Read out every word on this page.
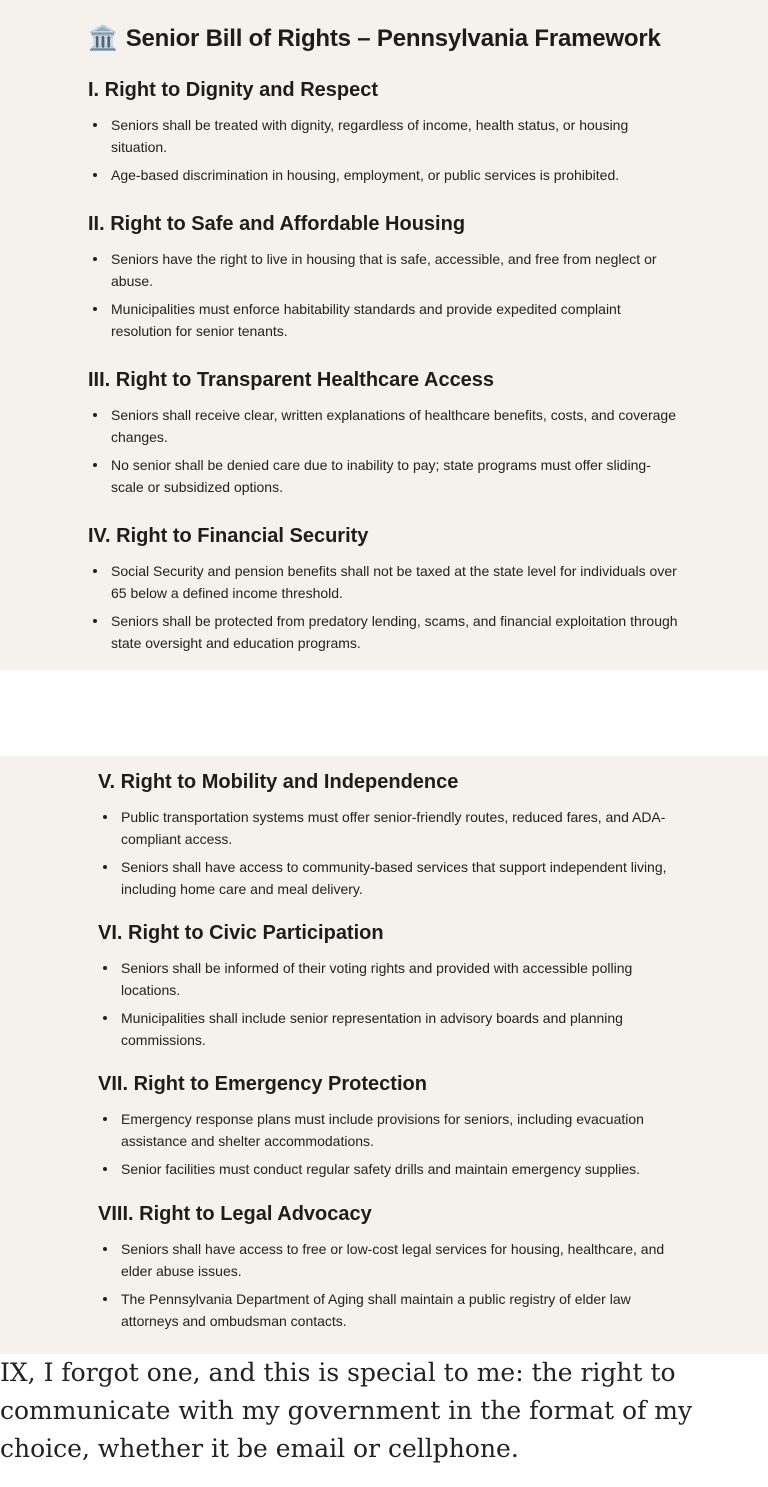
🏛️ Senior Bill of Rights – Pennsylvania Framework
I. Right to Dignity and Respect
Seniors shall be treated with dignity, regardless of income, health status, or housing situation.
Age-based discrimination in housing, employment, or public services is prohibited.
II. Right to Safe and Affordable Housing
Seniors have the right to live in housing that is safe, accessible, and free from neglect or abuse.
Municipalities must enforce habitability standards and provide expedited complaint resolution for senior tenants.
III. Right to Transparent Healthcare Access
Seniors shall receive clear, written explanations of healthcare benefits, costs, and coverage changes.
No senior shall be denied care due to inability to pay; state programs must offer sliding-scale or subsidized options.
IV. Right to Financial Security
Social Security and pension benefits shall not be taxed at the state level for individuals over 65 below a defined income threshold.
Seniors shall be protected from predatory lending, scams, and financial exploitation through state oversight and education programs.
V. Right to Mobility and Independence
Public transportation systems must offer senior-friendly routes, reduced fares, and ADA-compliant access.
Seniors shall have access to community-based services that support independent living, including home care and meal delivery.
VI. Right to Civic Participation
Seniors shall be informed of their voting rights and provided with accessible polling locations.
Municipalities shall include senior representation in advisory boards and planning commissions.
VII. Right to Emergency Protection
Emergency response plans must include provisions for seniors, including evacuation assistance and shelter accommodations.
Senior facilities must conduct regular safety drills and maintain emergency supplies.
VIII. Right to Legal Advocacy
Seniors shall have access to free or low-cost legal services for housing, healthcare, and elder abuse issues.
The Pennsylvania Department of Aging shall maintain a public registry of elder law attorneys and ombudsman contacts.

IX, I forgot one, and this is special to me: the right to communicate with my government in the format of my choice, whether it be email or cellphone.
